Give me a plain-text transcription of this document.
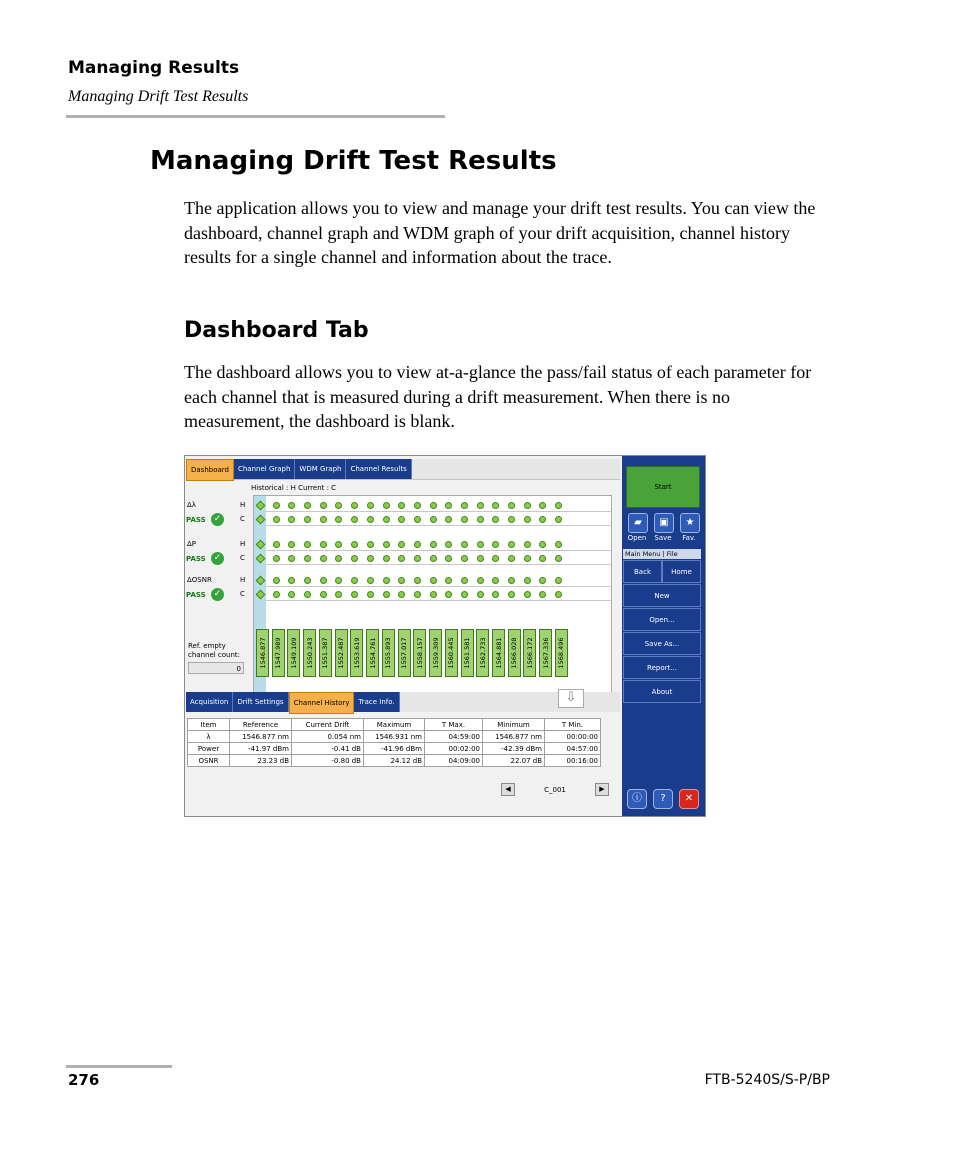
Managing Results
Managing Drift Test Results
Managing Drift Test Results
The application allows you to view and manage your drift test results. You can view the dashboard, channel graph and WDM graph of your drift acquisition, channel history results for a single channel and information about the trace.
Dashboard Tab
The dashboard allows you to view at-a-glance the pass/fail status of each parameter for each channel that is measured during a drift measurement. When there is no measurement, the dashboard is blank.
Dashboard	Channel Graph	WDM Graph	Channel Results
Historical : H Current : C
Δλ
PASS ✓
H
C
ΔP
PASS ✓
H
C
ΔOSNR
PASS ✓
H
C
1546.877 1547.989 1549.109 1550.243 1551.387 1552.487 1553.619 1554.761 1555.893 1557.017 1558.157 1559.309 1560.445 1561.581 1562.733 1564.881 1566.028 1566.172 1567.336 1568.496
Ref. empty channel count:
0
Acquisition	Drift Settings	Channel History	Trace Info.	⇩
Item	Reference	Current Drift	Maximum	T Max.	Minimum	T Min.
λ	1546.877 nm	0.054 nm	1546.931 nm	04:59:00	1546.877 nm	00:00:00
Power	-41.97 dBm	-0.41 dB	-41.96 dBm	00:02:00	-42.39 dBm	04:57:00
OSNR	23.23 dB	-0.80 dB	24.12 dB	04:09:00	22.07 dB	00:16:00
◀	C_001	▶
Start
▰	▣	★
Open	Save	Fav.
Main Menu | File
Back	Home
New
Open...
Save As...
Report...
About
ⓘ	?	✕
276	FTB-5240S/S-P/BP
